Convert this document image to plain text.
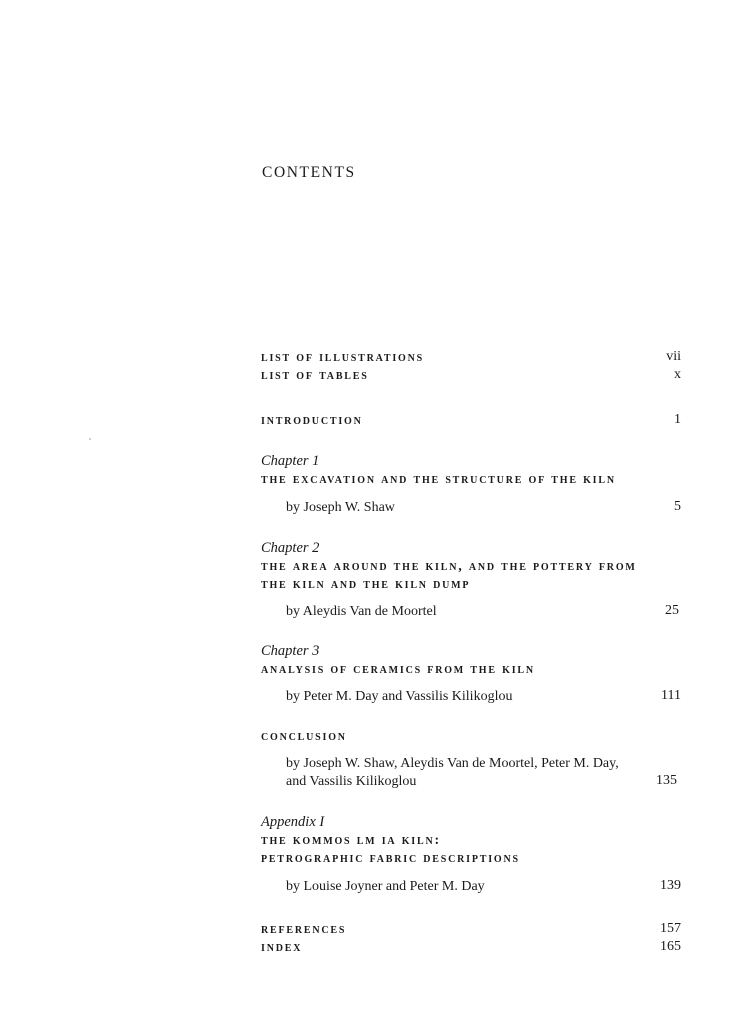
CONTENTS
list of illustrations	vii
list of tables	x
introduction	1
Chapter 1
the excavation and the structure of the kiln
by Joseph W. Shaw	5
Chapter 2
the area around the kiln, and the pottery from
the kiln and the kiln dump
by Aleydis Van de Moortel	25
Chapter 3
analysis of ceramics from the kiln
by Peter M. Day and Vassilis Kilikoglou	111
conclusion
by Joseph W. Shaw, Aleydis Van de Moortel, Peter M. Day,
and Vassilis Kilikoglou	135
Appendix I
the kommos lm ia kiln:
petrographic fabric descriptions
by Louise Joyner and Peter M. Day	139
references	157
index	165
